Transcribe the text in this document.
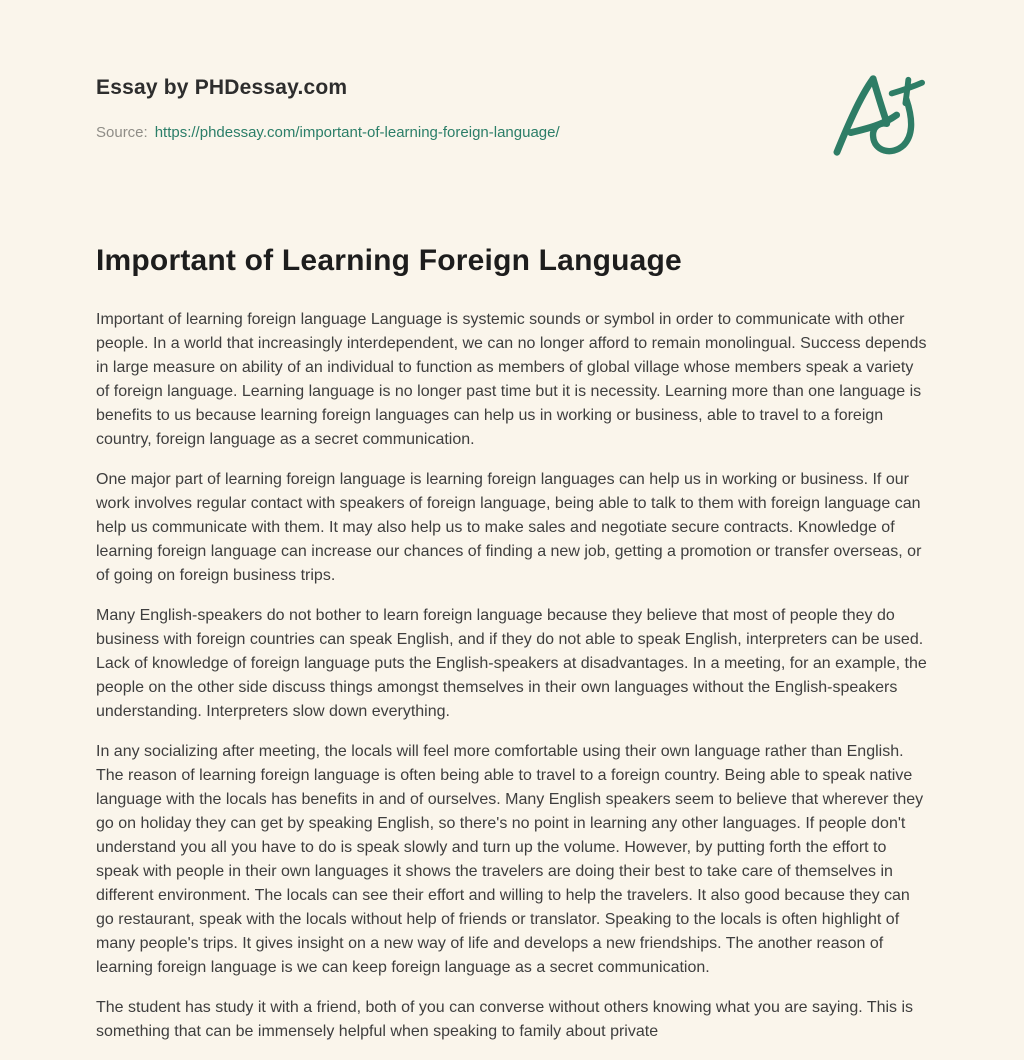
Essay by PHDessay.com
Source: https://phdessay.com/important-of-learning-foreign-language/
Important of Learning Foreign Language

Important of learning foreign language Language is systemic sounds or symbol in order to communicate with other people. In a world that increasingly interdependent, we can no longer afford to remain monolingual. Success depends in large measure on ability of an individual to function as members of global village whose members speak a variety of foreign language. Learning language is no longer past time but it is necessity. Learning more than one language is benefits to us because learning foreign languages can help us in working or business, able to travel to a foreign country, foreign language as a secret communication.

One major part of learning foreign language is learning foreign languages can help us in working or business. If our work involves regular contact with speakers of foreign language, being able to talk to them with foreign language can help us communicate with them. It may also help us to make sales and negotiate secure contracts. Knowledge of learning foreign language can increase our chances of finding a new job, getting a promotion or transfer overseas, or of going on foreign business trips.

Many English-speakers do not bother to learn foreign language because they believe that most of people they do business with foreign countries can speak English, and if they do not able to speak English, interpreters can be used. Lack of knowledge of foreign language puts the English-speakers at disadvantages. In a meeting, for an example, the people on the other side discuss things amongst themselves in their own languages without the English-speakers understanding. Interpreters slow down everything.

In any socializing after meeting, the locals will feel more comfortable using their own language rather than English. The reason of learning foreign language is often being able to travel to a foreign country. Being able to speak native language with the locals has benefits in and of ourselves. Many English speakers seem to believe that wherever they go on holiday they can get by speaking English, so there's no point in learning any other languages. If people don't understand you all you have to do is speak slowly and turn up the volume. However, by putting forth the effort to speak with people in their own languages it shows the travelers are doing their best to take care of themselves in different environment. The locals can see their effort and willing to help the travelers. It also good because they can go restaurant, speak with the locals without help of friends or translator. Speaking to the locals is often highlight of many people's trips. It gives insight on a new way of life and develops a new friendships. The another reason of learning foreign language is we can keep foreign language as a secret communication.

The student has study it with a friend, both of you can converse without others knowing what you are saying. This is something that can be immensely helpful when speaking to family about private
